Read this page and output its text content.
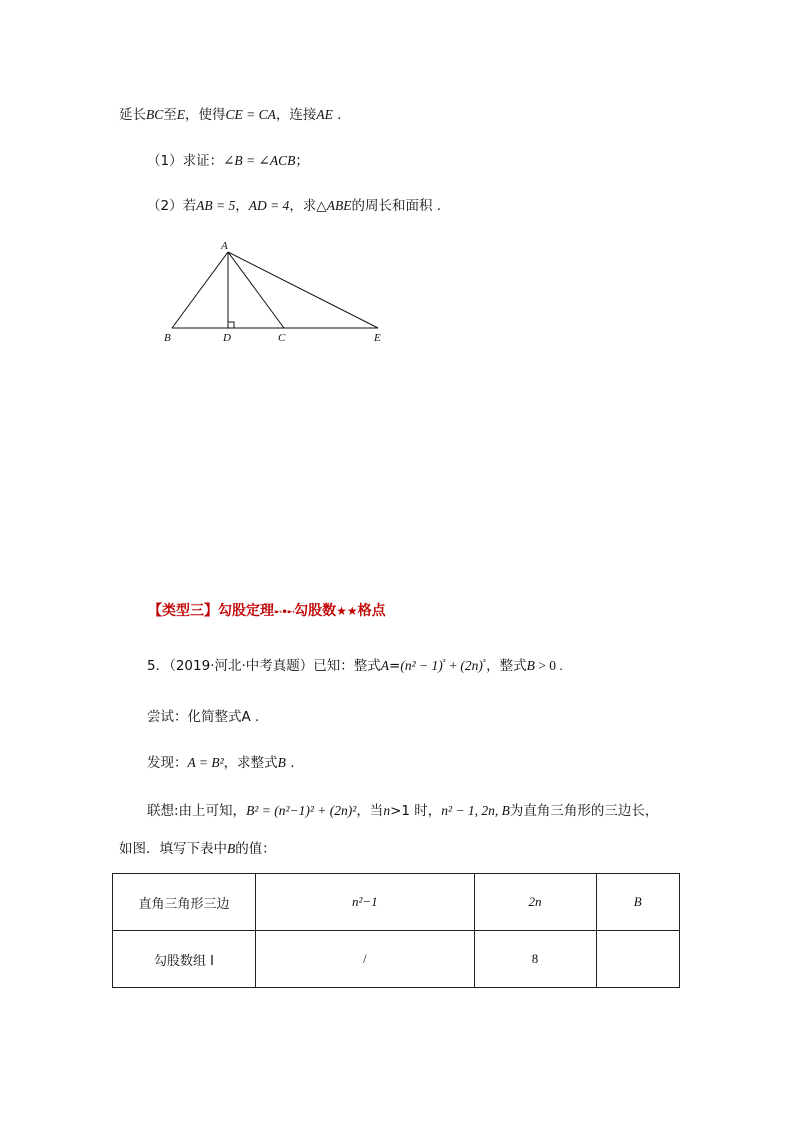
延长BC至E，使得CE = CA，连接AE .
（1）求证：∠B = ∠ACB；
（2）若AB = 5，AD = 4，求△ABE的周长和面积 .
A
B	D	C	E
【类型三】勾股定理➸•➸勾股数★★格点
5．（2019·河北·中考真题）已知：整式$A=(n^2 - 1)^{^2} + (2n)^{^2}$，整式B > 0 .
尝试：化简整式A .
发现：A = B²，求整式B .
联想:由上可知，B² = (n²−1)² + (2n)²，当n>1 时，n² − 1, 2n, B为直角三角形的三边长，
如图．填写下表中B的值：
直角三角形三边	n²−1	2n	B
勾股数组 I	/	8	
